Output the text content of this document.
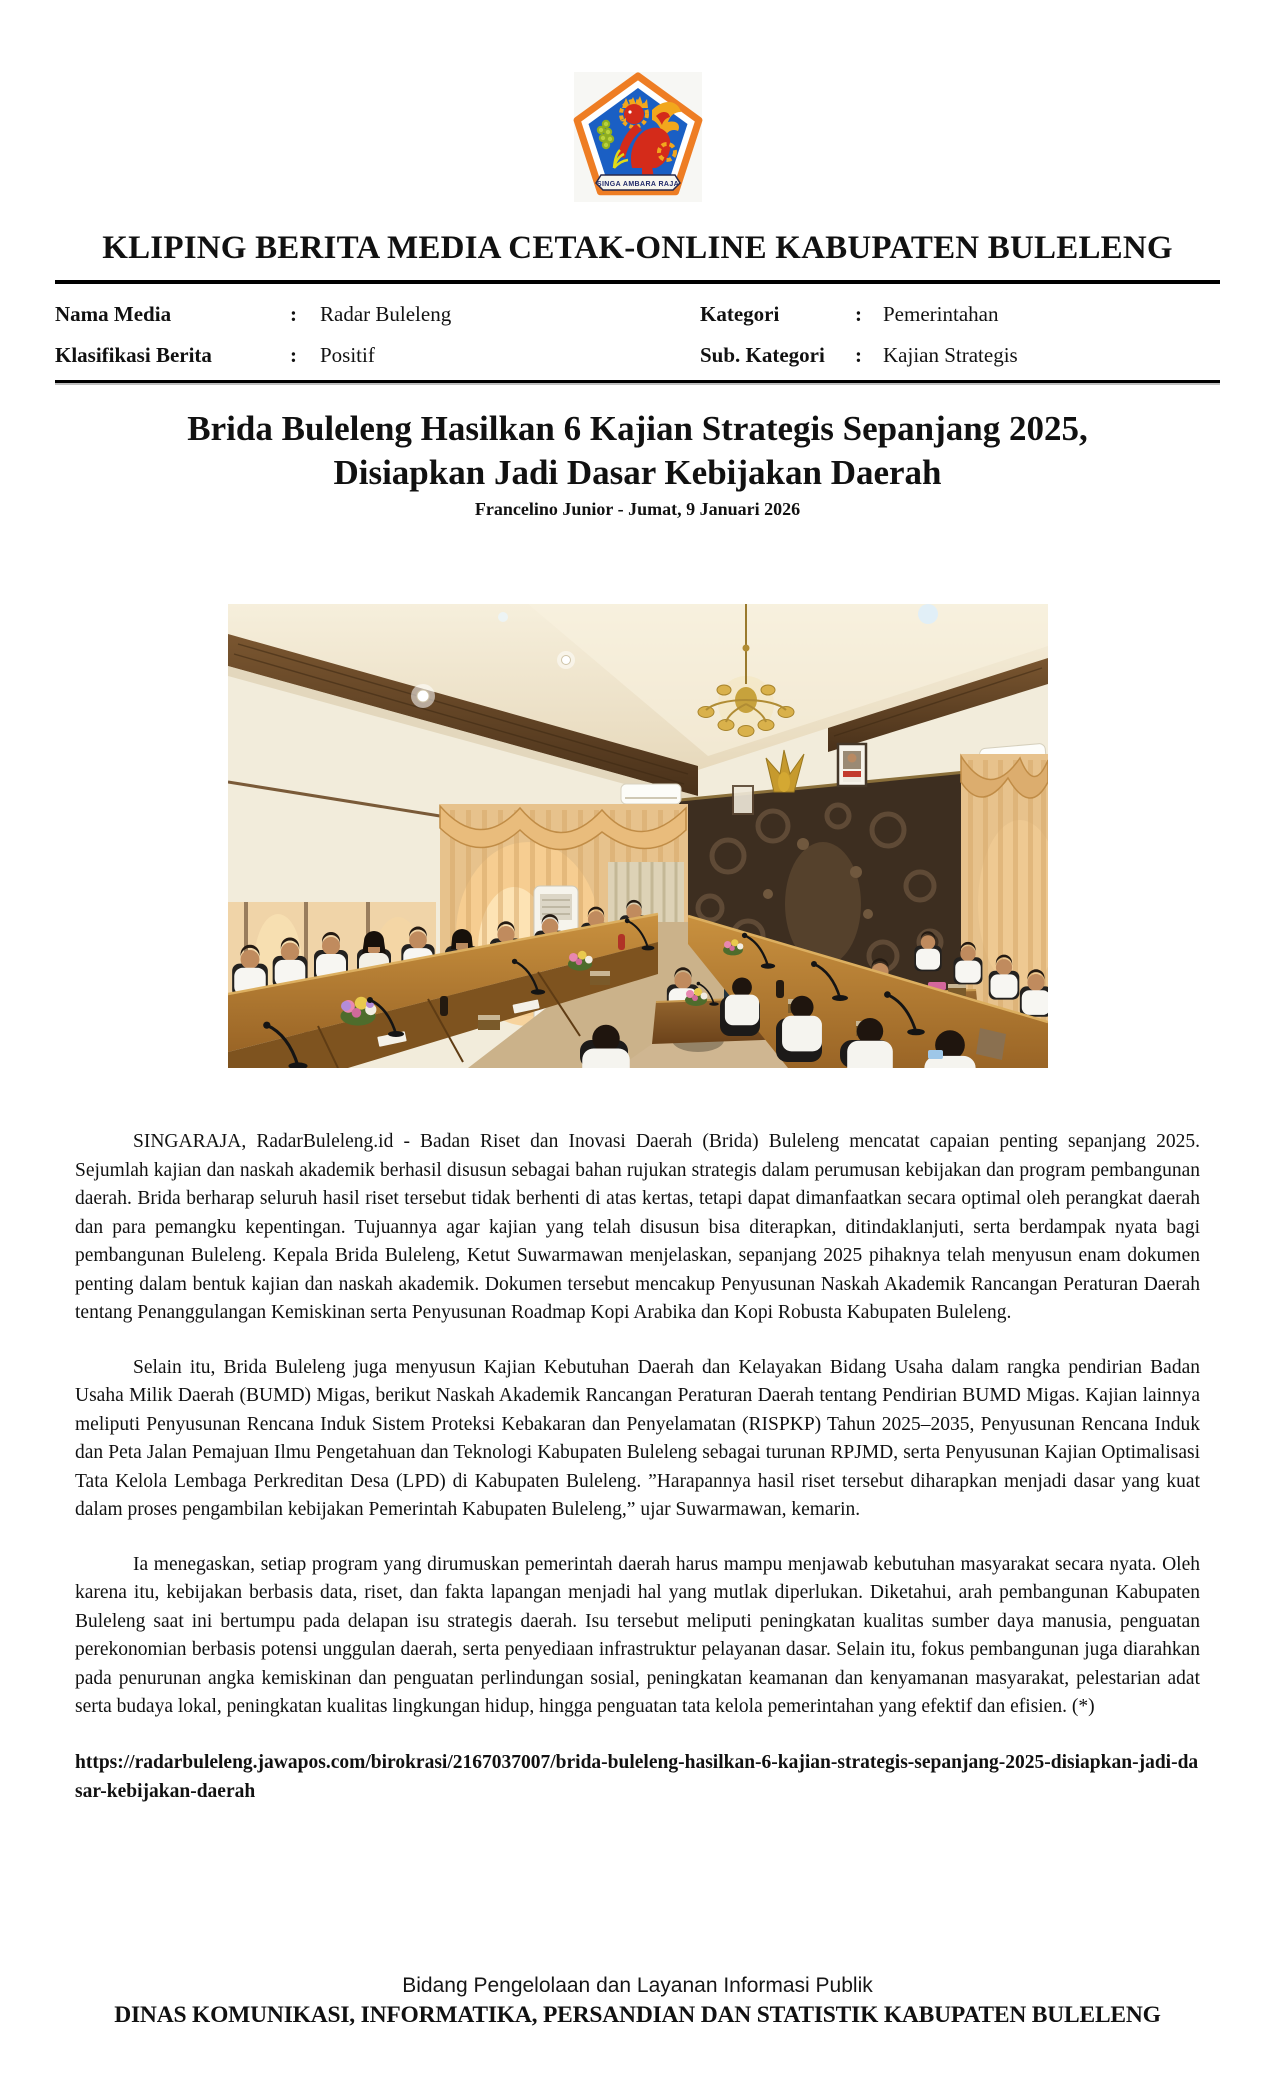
SINGA AMBARA RAJA
KLIPING BERITA MEDIA CETAK-ONLINE KABUPATEN BULELENG
Nama Media	:	Radar Buleleng	Kategori	:	Pemerintahan
Klasifikasi Berita	:	Positif	Sub. Kategori	:	Kajian Strategis
Brida Buleleng Hasilkan 6 Kajian Strategis Sepanjang 2025,
Disiapkan Jadi Dasar Kebijakan Daerah
Francelino Junior - Jumat, 9 Januari 2026

SINGARAJA, RadarBuleleng.id - Badan Riset dan Inovasi Daerah (Brida) Buleleng mencatat capaian penting sepanjang 2025. Sejumlah kajian dan naskah akademik berhasil disusun sebagai bahan rujukan strategis dalam perumusan kebijakan dan program pembangunan daerah. Brida berharap seluruh hasil riset tersebut tidak berhenti di atas kertas, tetapi dapat dimanfaatkan secara optimal oleh perangkat daerah dan para pemangku kepentingan. Tujuannya agar kajian yang telah disusun bisa diterapkan, ditindaklanjuti, serta berdampak nyata bagi pembangunan Buleleng. Kepala Brida Buleleng, Ketut Suwarmawan menjelaskan, sepanjang 2025 pihaknya telah menyusun enam dokumen penting dalam bentuk kajian dan naskah akademik. Dokumen tersebut mencakup Penyusunan Naskah Akademik Rancangan Peraturan Daerah tentang Penanggulangan Kemiskinan serta Penyusunan Roadmap Kopi Arabika dan Kopi Robusta Kabupaten Buleleng.

Selain itu, Brida Buleleng juga menyusun Kajian Kebutuhan Daerah dan Kelayakan Bidang Usaha dalam rangka pendirian Badan Usaha Milik Daerah (BUMD) Migas, berikut Naskah Akademik Rancangan Peraturan Daerah tentang Pendirian BUMD Migas. Kajian lainnya meliputi Penyusunan Rencana Induk Sistem Proteksi Kebakaran dan Penyelamatan (RISPKP) Tahun 2025–2035, Penyusunan Rencana Induk dan Peta Jalan Pemajuan Ilmu Pengetahuan dan Teknologi Kabupaten Buleleng sebagai turunan RPJMD, serta Penyusunan Kajian Optimalisasi Tata Kelola Lembaga Perkreditan Desa (LPD) di Kabupaten Buleleng. ”Harapannya hasil riset tersebut diharapkan menjadi dasar yang kuat dalam proses pengambilan kebijakan Pemerintah Kabupaten Buleleng,” ujar Suwarmawan, kemarin.

Ia menegaskan, setiap program yang dirumuskan pemerintah daerah harus mampu menjawab kebutuhan masyarakat secara nyata. Oleh karena itu, kebijakan berbasis data, riset, dan fakta lapangan menjadi hal yang mutlak diperlukan. Diketahui, arah pembangunan Kabupaten Buleleng saat ini bertumpu pada delapan isu strategis daerah. Isu tersebut meliputi peningkatan kualitas sumber daya manusia, penguatan perekonomian berbasis potensi unggulan daerah, serta penyediaan infrastruktur pelayanan dasar. Selain itu, fokus pembangunan juga diarahkan pada penurunan angka kemiskinan dan penguatan perlindungan sosial, peningkatan keamanan dan kenyamanan masyarakat, pelestarian adat serta budaya lokal, peningkatan kualitas lingkungan hidup, hingga penguatan tata kelola pemerintahan yang efektif dan efisien. (*)

https://radarbuleleng.jawapos.com/birokrasi/2167037007/brida-buleleng-hasilkan-6-kajian-strategis-sepanjang-2025-disiapkan-jadi-dasar-kebijakan-daerah
Bidang Pengelolaan dan Layanan Informasi Publik
DINAS KOMUNIKASI, INFORMATIKA, PERSANDIAN DAN STATISTIK KABUPATEN BULELENG
